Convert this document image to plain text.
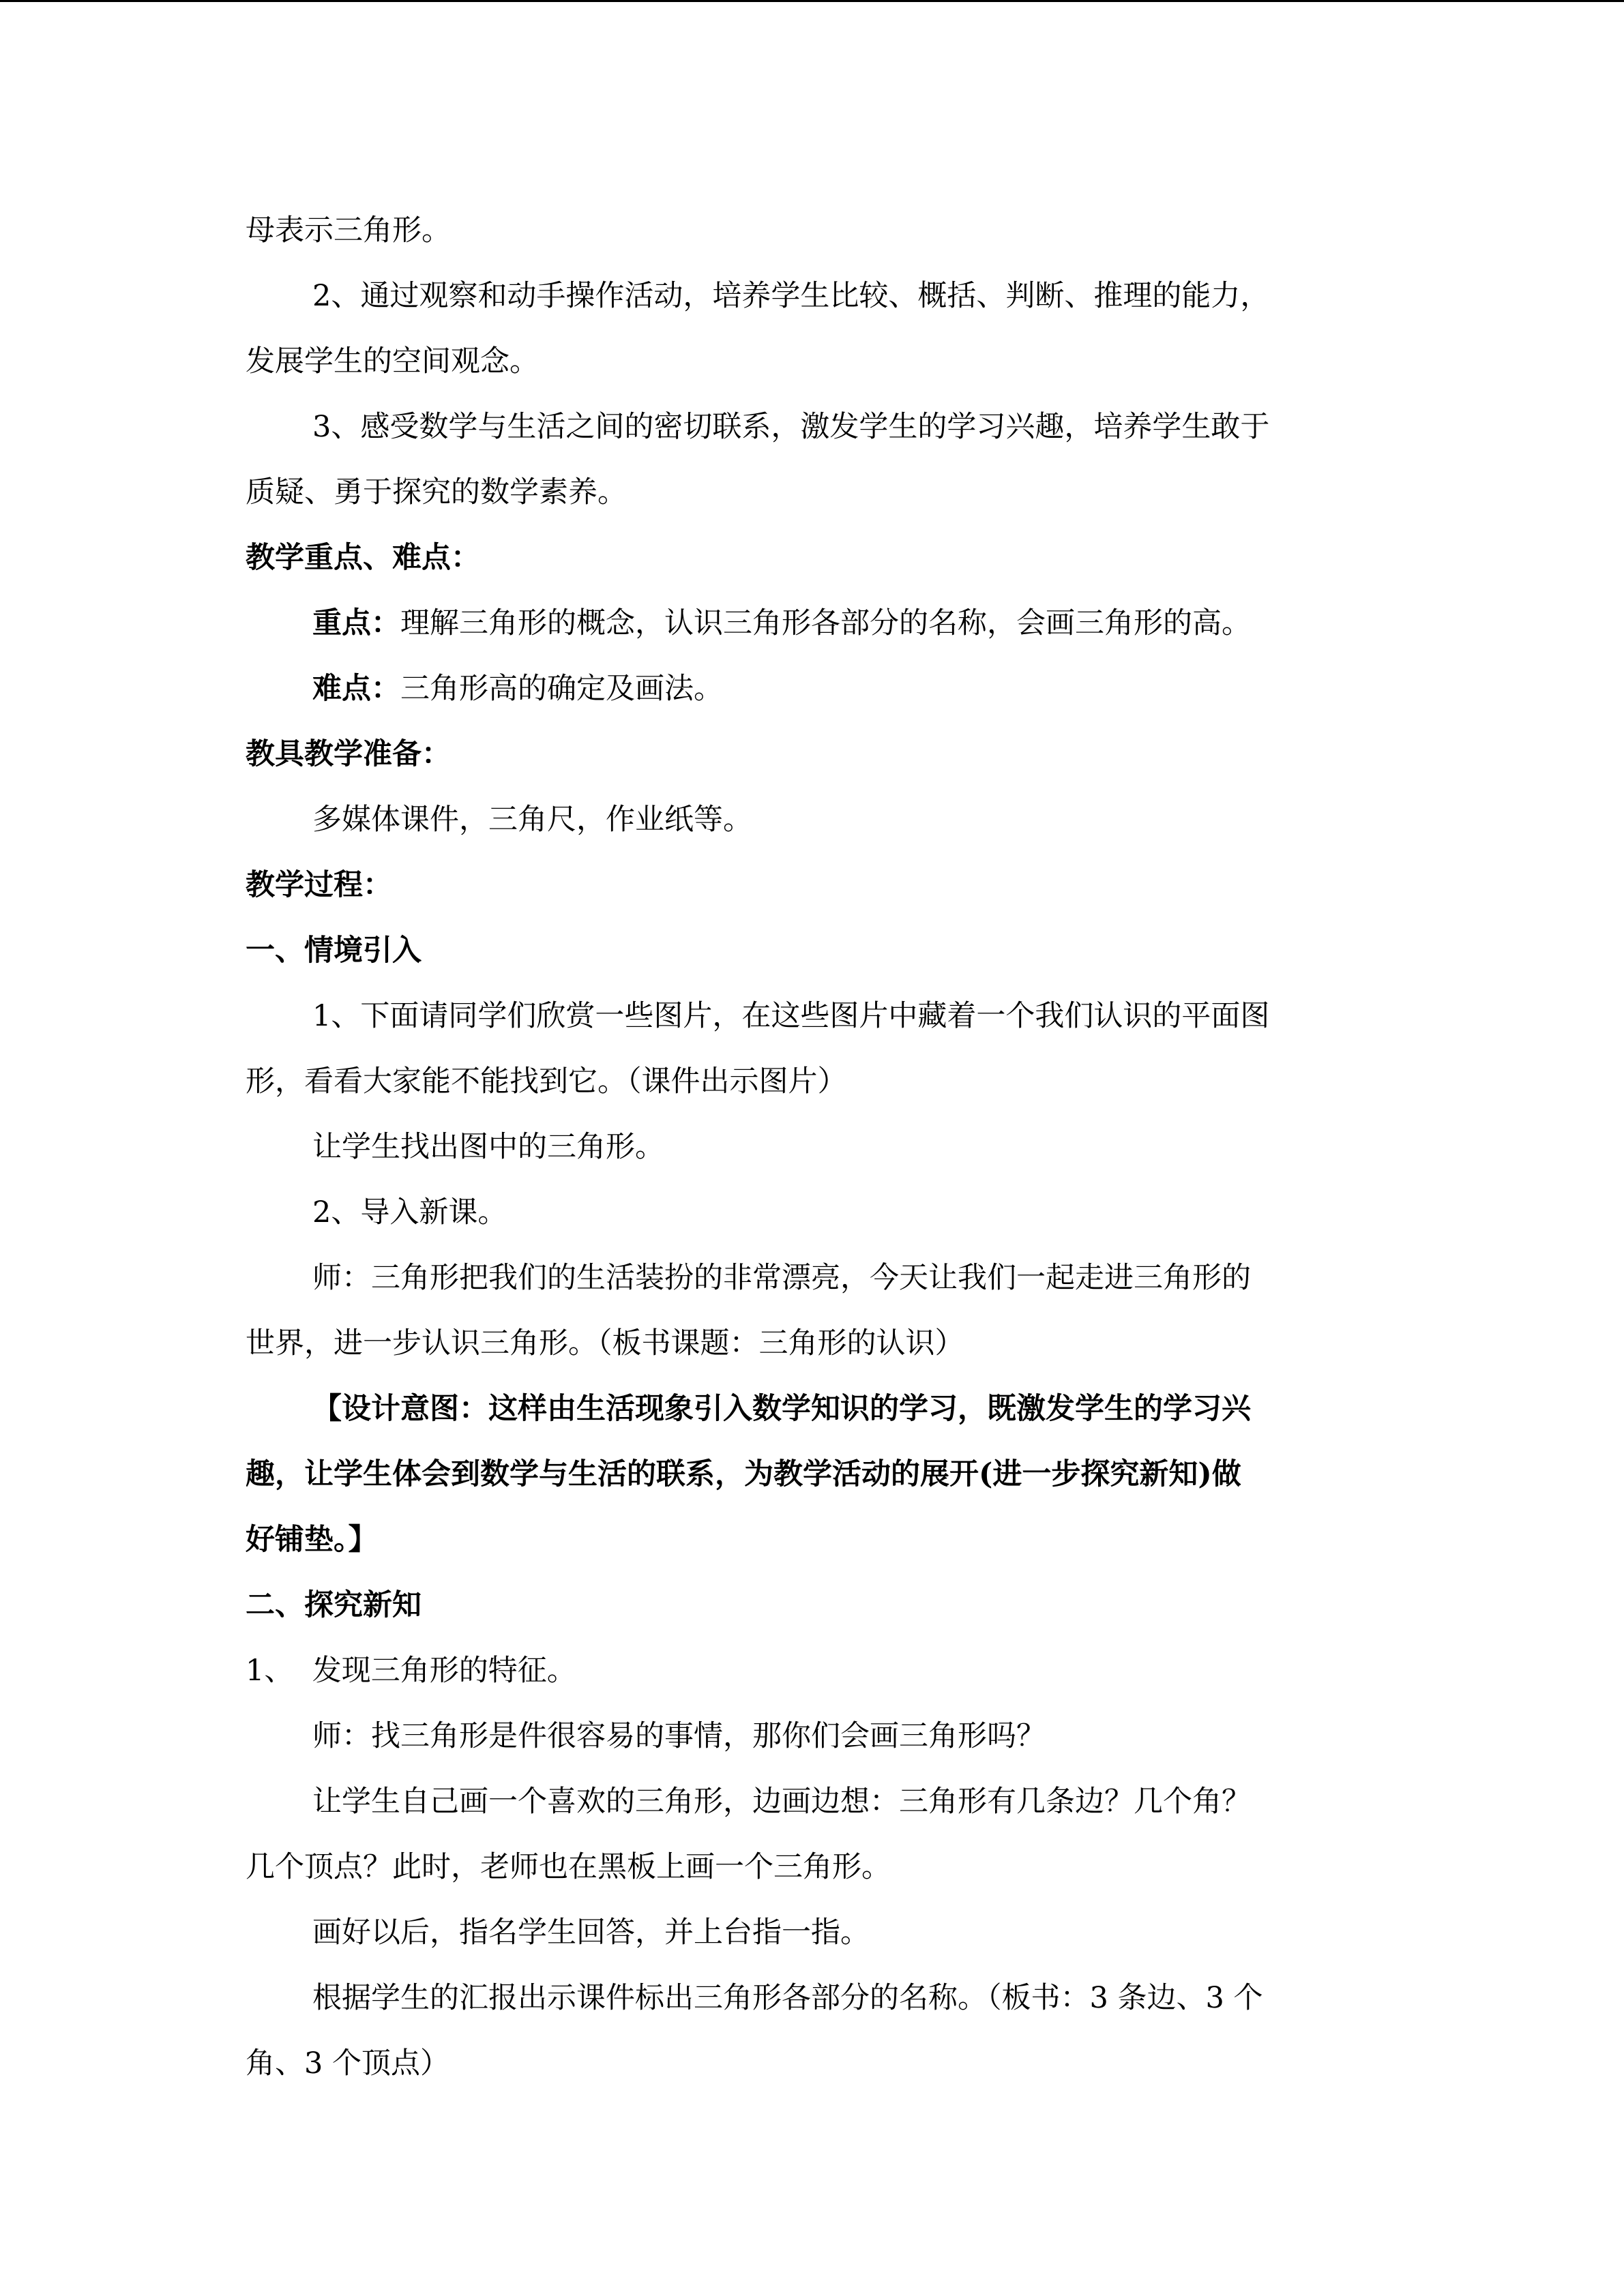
母表示三角形。
2、通过观察和动手操作活动，培养学生比较、概括、判断、推理的能力，
发展学生的空间观念。
3、感受数学与生活之间的密切联系，激发学生的学习兴趣，培养学生敢于
质疑、勇于探究的数学素养。
教学重点、难点：
重点：理解三角形的概念，认识三角形各部分的名称，会画三角形的高。
难点：三角形高的确定及画法。
教具教学准备：
多媒体课件，三角尺，作业纸等。
教学过程：
一、情境引入
1、下面请同学们欣赏一些图片，在这些图片中藏着一个我们认识的平面图
形，看看大家能不能找到它。（课件出示图片）
让学生找出图中的三角形。
2、导入新课。
师：三角形把我们的生活装扮的非常漂亮，今天让我们一起走进三角形的
世界，进一步认识三角形。（板书课题：三角形的认识）
【设计意图：这样由生活现象引入数学知识的学习，既激发学生的学习兴
趣，让学生体会到数学与生活的联系，为教学活动的展开(进一步探究新知)做
好铺垫。】
二、探究新知
1、  发现三角形的特征。
师：找三角形是件很容易的事情，那你们会画三角形吗？
让学生自己画一个喜欢的三角形，边画边想：三角形有几条边？几个角？
几个顶点？此时，老师也在黑板上画一个三角形。
画好以后，指名学生回答，并上台指一指。
根据学生的汇报出示课件标出三角形各部分的名称。（板书：3 条边、3 个
角、3 个顶点）
